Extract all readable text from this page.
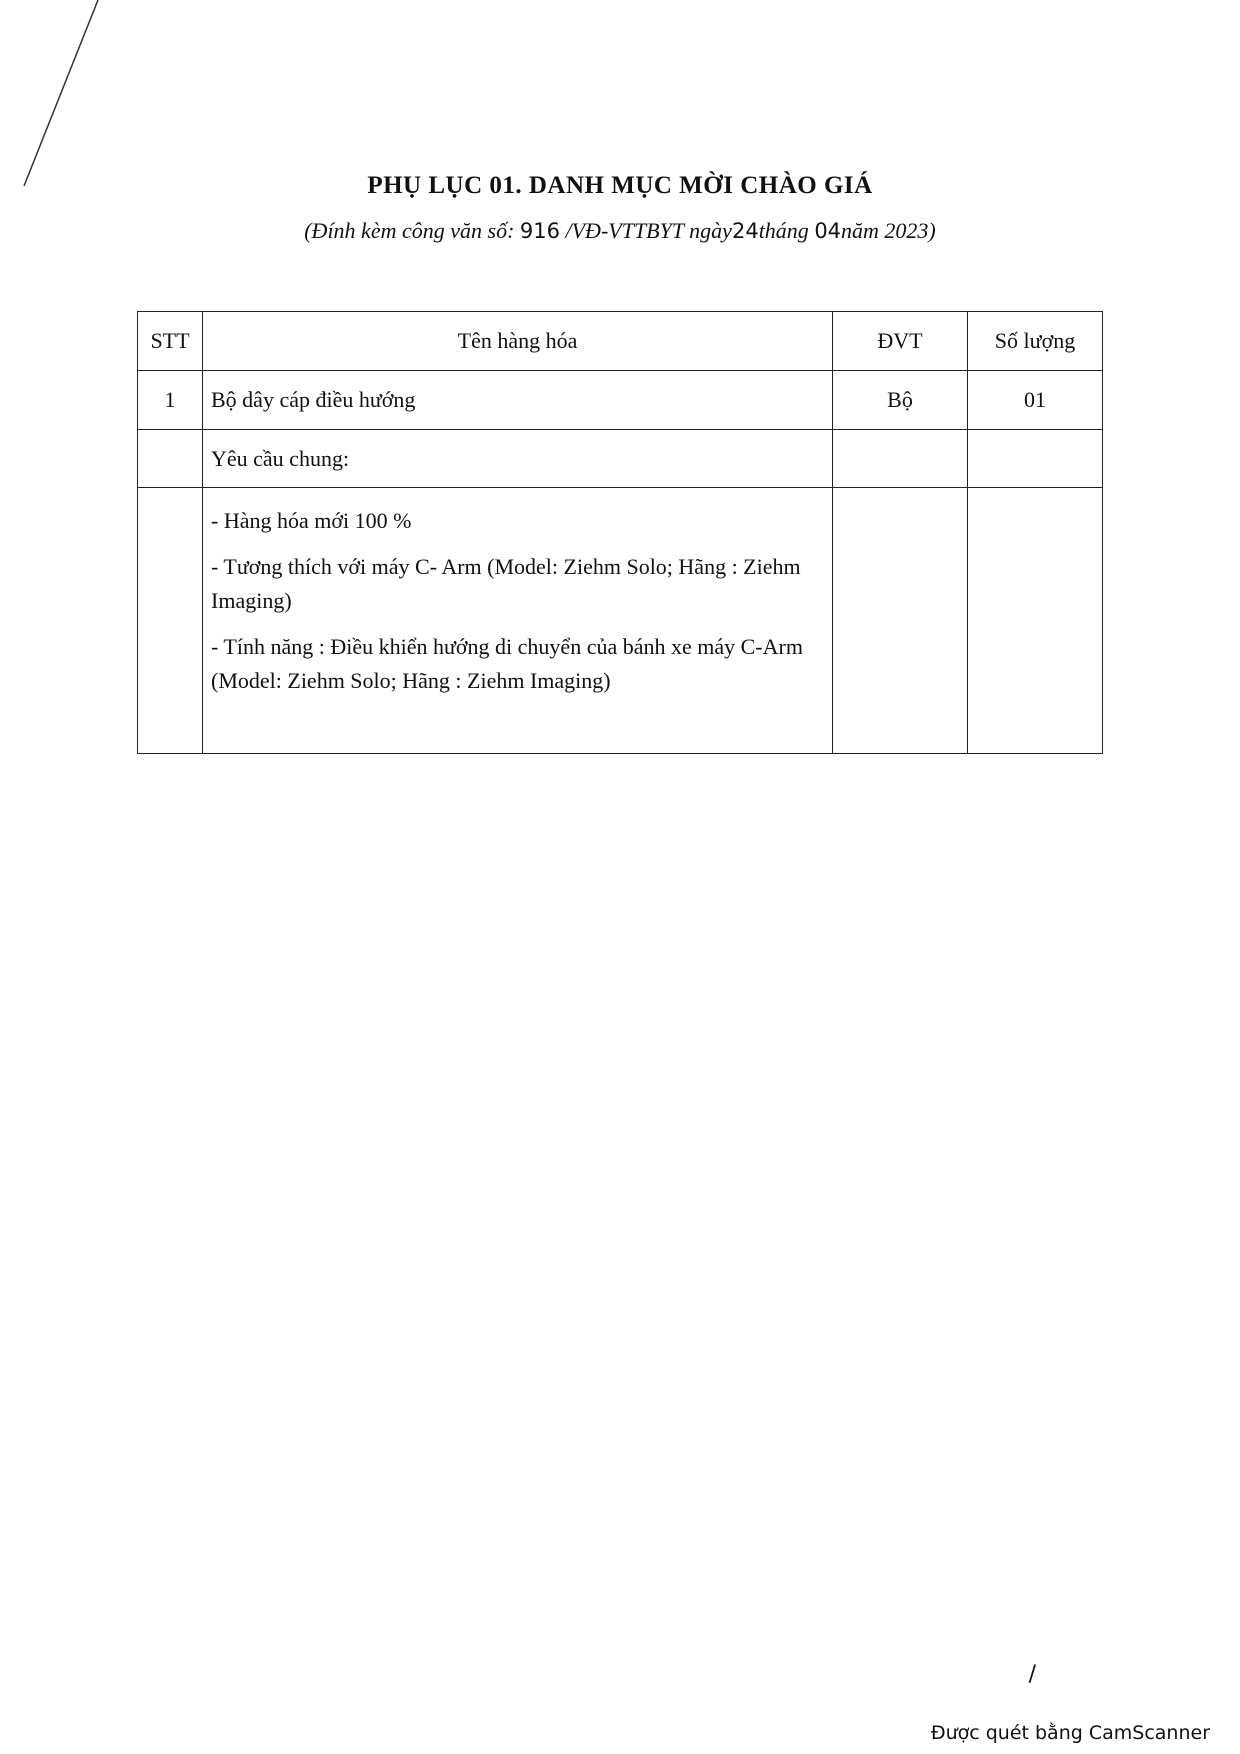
PHỤ LỤC 01. DANH MỤC MỜI CHÀO GIÁ
(Đính kèm công văn số: 916 /VĐ-VTTBYT ngày24tháng 04năm 2023)
STT	Tên hàng hóa	ĐVT	Số lượng
1	Bộ dây cáp điều hướng	Bộ	01
	Yêu cầu chung:		

	- Hàng hóa mới 100 %

- Tương thích với máy C- Arm (Model: Ziehm Solo; Hãng : Ziehm Imaging)

- Tính năng : Điều khiển hướng di chuyển của bánh xe máy C-Arm (Model: Ziehm Solo; Hãng : Ziehm Imaging)		

/
Được quét bằng CamScanner
